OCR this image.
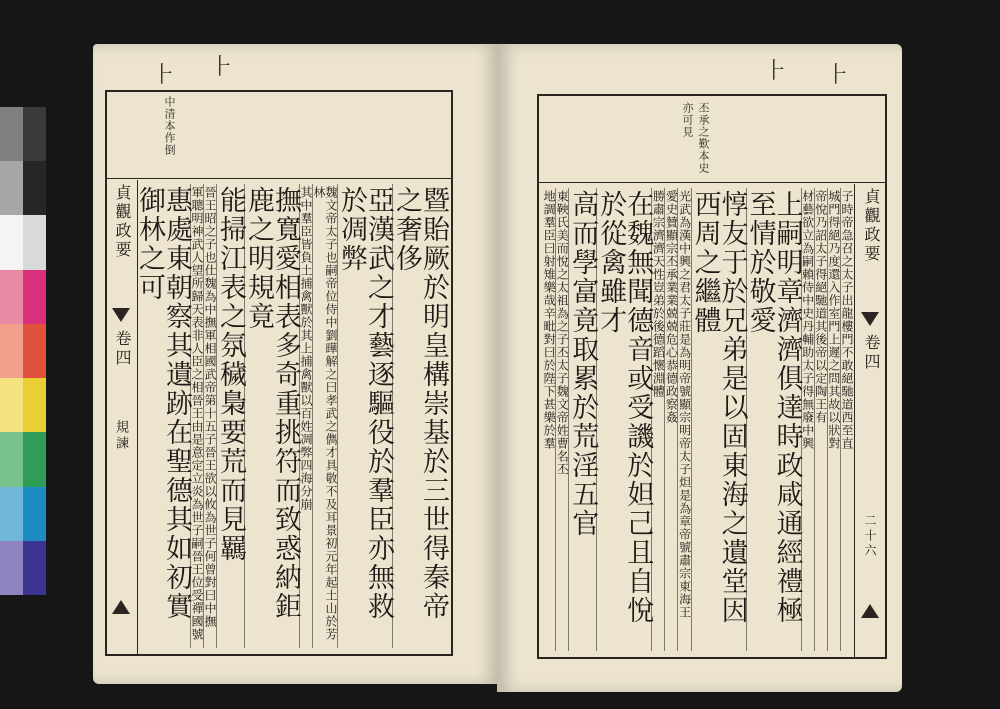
⺊ ⺊
中清本作倒
貞觀政要
卷四
規諫	暨貽厥於明皇構崇基於三世得秦帝之奢侈
亞漢武之才藝逐驅役於羣臣亦無救於凋弊
魏文帝太子也嗣帝位侍中劉曄解之曰孝武之儁才具敬不及耳景初元年起土山於芳林
其中羣臣皆負土捕禽獸於其上捕禽獸以百姓凋弊四海分崩
撫寬愛相表多奇重挑符而致惑納鉅鹿之明規竟
能掃江表之氛穢梟要荒而見羈
晉王昭之子也仕魏為中撫軍相國武帝第十五子晉王欲以攸為世子何曾對曰中撫
軍聰明神武人望所歸天表非人臣之相晉王由是意定立炎為世子嗣晉王位受禪國號
惠處東朝察其遺跡在聖德其如初實御林之可
⺊ ⺊
丕承之歎本史亦可見
貞觀政要
卷四
二十六
子時帝急召之太子出龍樓門不敢絕馳道西至直
城門得絕乃度還入作室門上遲之問其故以狀對
帝悅乃詔太子得絕馳道其後帝以定陶王有
材藝欲立為嗣賴侍中史丹輔助太子得無廢中興
上嗣明章濟濟俱達時政咸通經禮極至情於敬愛
惇友于於兄弟是以固東海之遺堂因西周之繼體
光武為漢中興之君太子莊是為明帝號顯宗明帝太子炟是為章帝號肅宗東海王
愛史贊顯宗丕承業業兢兢危心恭德政察姦
勝肅宗濟濟天性豈弟於後德蹈懷淵體
在魏無聞德音或受譏於妲己且自悅於從禽雖才
高而學富竟取累於荒淫五官
東鞅氏美而悅之太祖為之子丕太子魏文帝姓曹名丕
地調羣臣曰射雉樂哉辛毗對曰於陛下甚樂於羣
